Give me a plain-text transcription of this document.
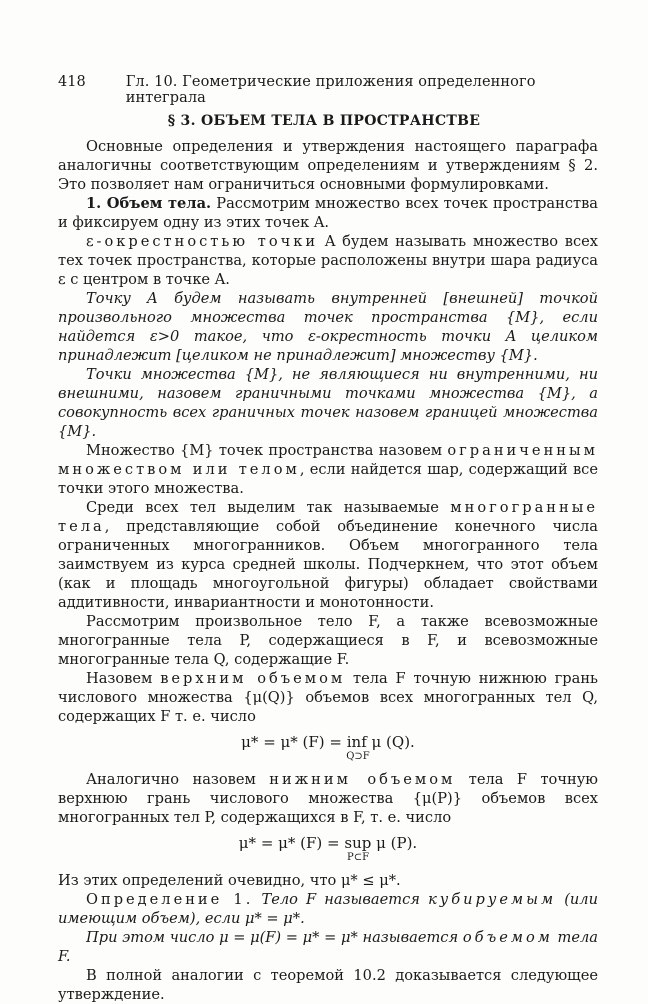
418	Гл. 10. Геометрические приложения определенного интеграла
§ 3. ОБЪЕМ ТЕЛА В ПРОСТРАНСТВЕ

Основные определения и утверждения настоящего параграфа аналогичны соответствующим определениям и утверждениям § 2. Это позволяет нам ограничиться основными формулировками.

1. Объем тела. Рассмотрим множество всех точек пространства и фиксируем одну из этих точек A.

ε-окрестностью точки A будем называть множество всех тех точек пространства, которые расположены внутри шара радиуса ε с центром в точке A.

Точку A будем называть внутренней [внешней] точкой произвольного множества точек пространства {M}, если найдется ε>0 такое, что ε-окрестность точки A целиком принадлежит [целиком не принадлежит] множеству {M}.

Точки множества {M}, не являющиеся ни внутренними, ни внешними, назовем граничными точками множества {M}, а совокупность всех граничных точек назовем границей множества {M}.

Множество {M} точек пространства назовем ограниченным множеством или телом, если найдется шар, содержащий все точки этого множества.

Среди всех тел выделим так называемые многогранные тела, представляющие собой объединение конечного числа ограниченных многогранников. Объем многогранного тела заимствуем из курса средней школы. Подчеркнем, что этот объем (как и площадь многоугольной фигуры) обладает свойствами аддитивности, инвариантности и монотонности.

Рассмотрим произвольное тело F, а также всевозможные многогранные тела P, содержащиеся в F, и всевозможные многогранные тела Q, содержащие F.

Назовем верхним объемом тела F точную нижнюю грань числового множества {μ(Q)} объемов всех многогранных тел Q, содержащих F т. е. число

μ* = μ* (F) = inf μ (Q).
Q⊃F

Аналогично назовем нижним объемом тела F точную верхнюю грань числового множества {μ(P)} объемов всех многогранных тел P, содержащихся в F, т. е. число

μ* = μ* (F) = sup μ (P).
P⊂F

Из этих определений очевидно, что μ* ≤ μ*.

Определение 1. Тело F называется кубируемым (или имеющим объем), если μ* = μ*.

При этом число μ = μ(F) = μ* = μ* называется объемом тела F.

В полной аналогии с теоремой 10.2 доказывается следующее утверждение.
